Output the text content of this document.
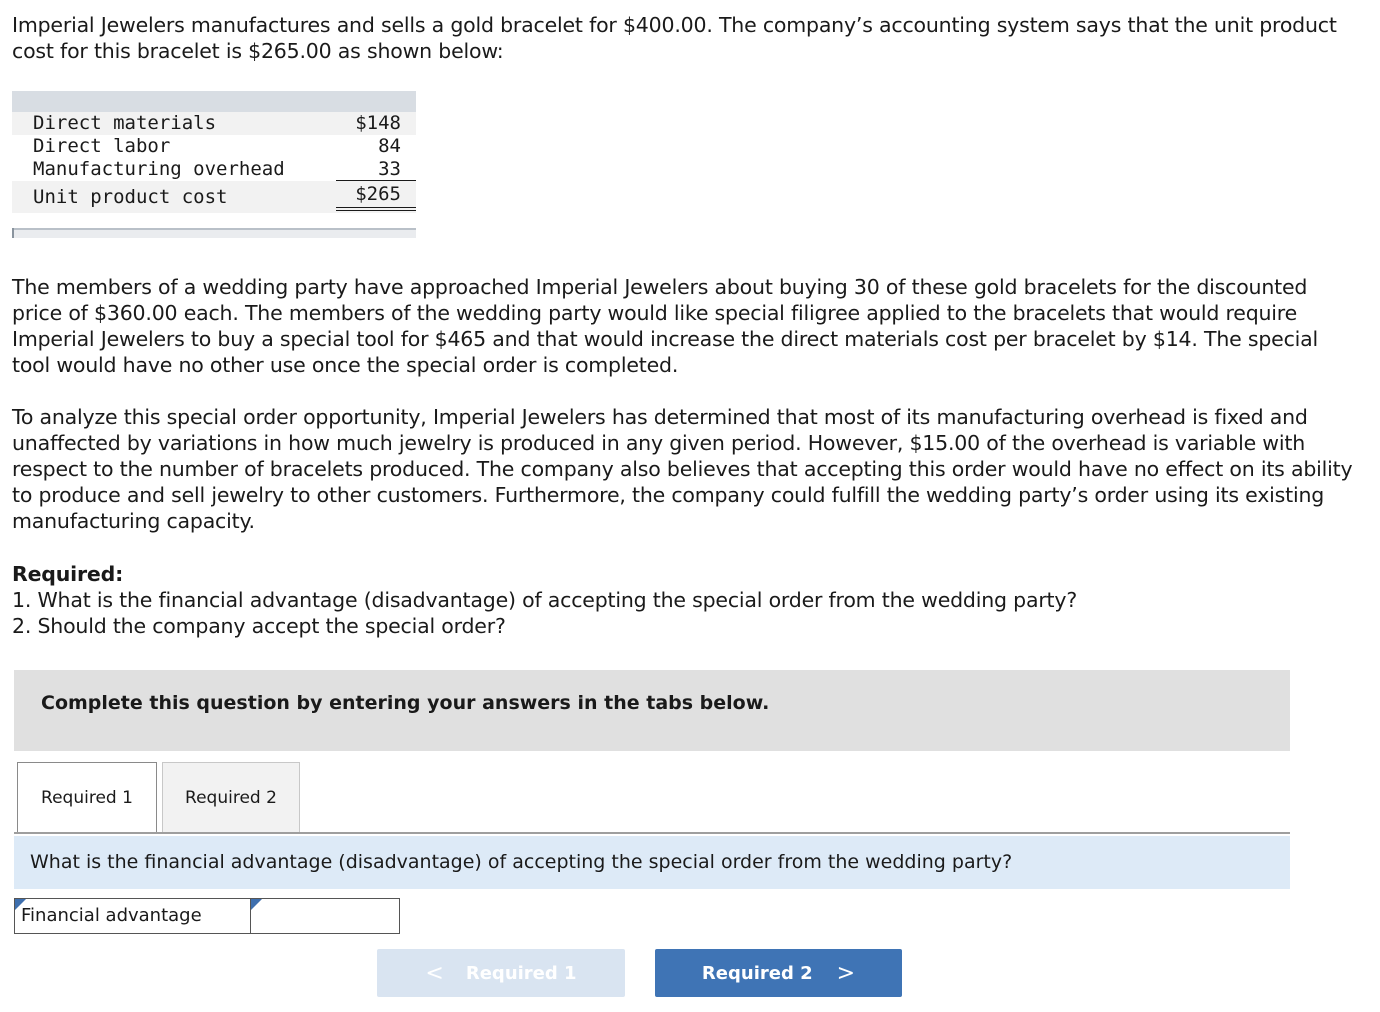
Imperial Jewelers manufactures and sells a gold bracelet for $400.00. The company’s accounting system says that the unit product cost for this bracelet is $265.00 as shown below:

Direct materials	$148
Direct labor	84
Manufacturing overhead	33
Unit product cost	$265

The members of a wedding party have approached Imperial Jewelers about buying 30 of these gold bracelets for the discounted price of $360.00 each. The members of the wedding party would like special filigree applied to the bracelets that would require Imperial Jewelers to buy a special tool for $465 and that would increase the direct materials cost per bracelet by $14. The special tool would have no other use once the special order is completed.

To analyze this special order opportunity, Imperial Jewelers has determined that most of its manufacturing overhead is fixed and unaffected by variations in how much jewelry is produced in any given period. However, $15.00 of the overhead is variable with respect to the number of bracelets produced. The company also believes that accepting this order would have no effect on its ability to produce and sell jewelry to other customers. Furthermore, the company could fulfill the wedding party’s order using its existing manufacturing capacity.

Required:
1. What is the financial advantage (disadvantage) of accepting the special order from the wedding party?
2. Should the company accept the special order?
Complete this question by entering your answers in the tabs below.
Required 1	Required 2
What is the financial advantage (disadvantage) of accepting the special order from the wedding party?
Financial advantage
< Required 1	Required 2 >
